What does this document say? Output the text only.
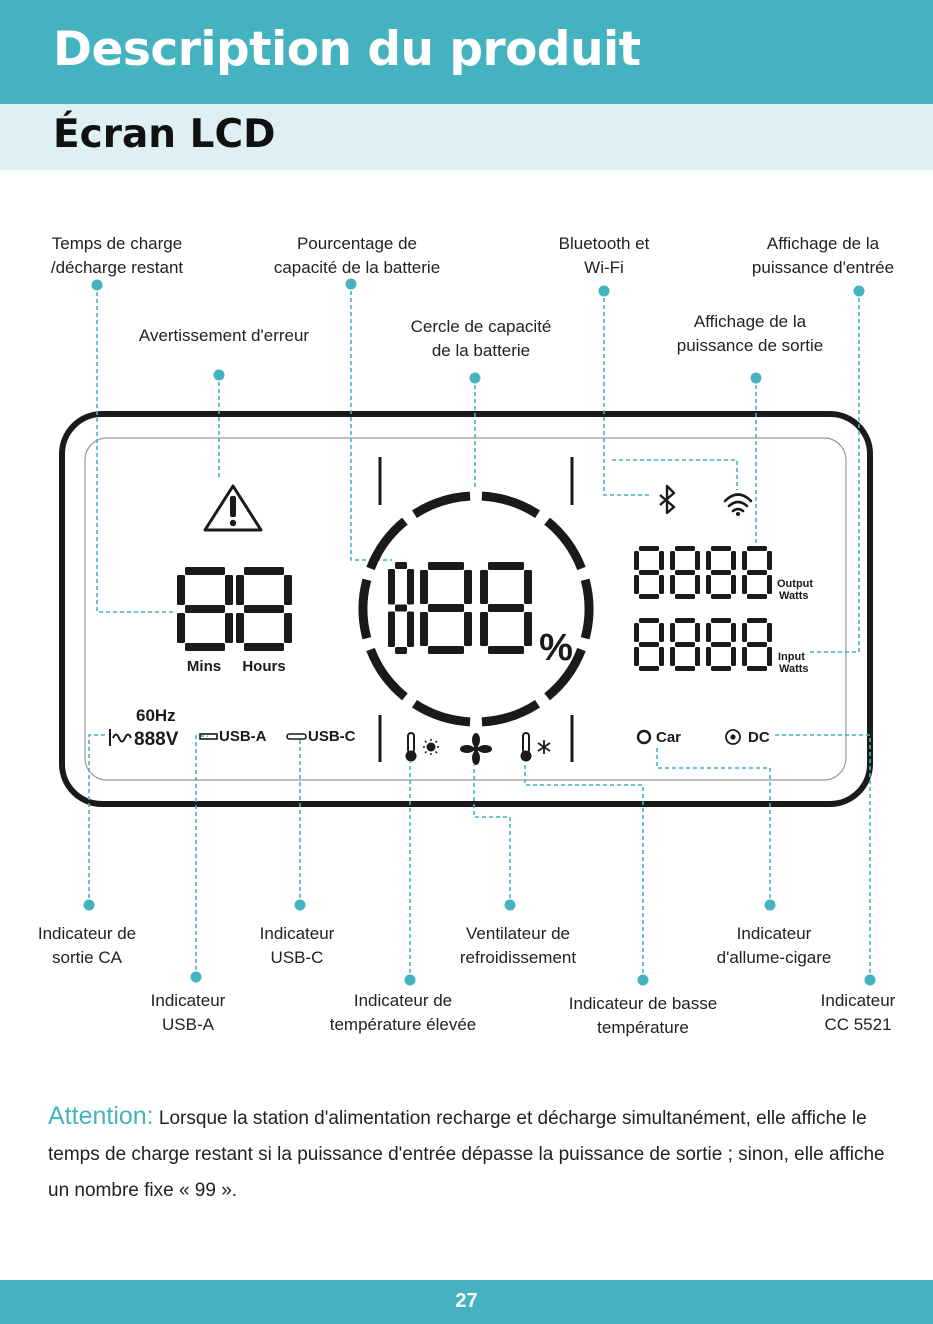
Description du produit
Écran LCD
Temps de charge
/décharge restant
Pourcentage de
capacité de la batterie
Bluetooth et
Wi-Fi
Affichage de la
puissance d'entrée
Avertissement d'erreur	Cercle de capacité
de la batterie
Affichage de la
puissance de sortie
Indicateur de
sortie CA
Indicateur
USB-C
Ventilateur de
refroidissement
Indicateur
d'allume-cigare
Indicateur
USB-A
Indicateur de
température élevée
Indicateur de basse
température
Indicateur
CC 5521
Mins Hours	%
Output
Watts
Input
Watts
60Hz
888V	USB-A	USB-C	Car	DC
Attention: Lorsque la station d'alimentation recharge et décharge simultanément, elle affiche le temps de charge restant si la puissance d'entrée dépasse la puissance de sortie ; sinon, elle affiche un nombre fixe « 99 ».
27
